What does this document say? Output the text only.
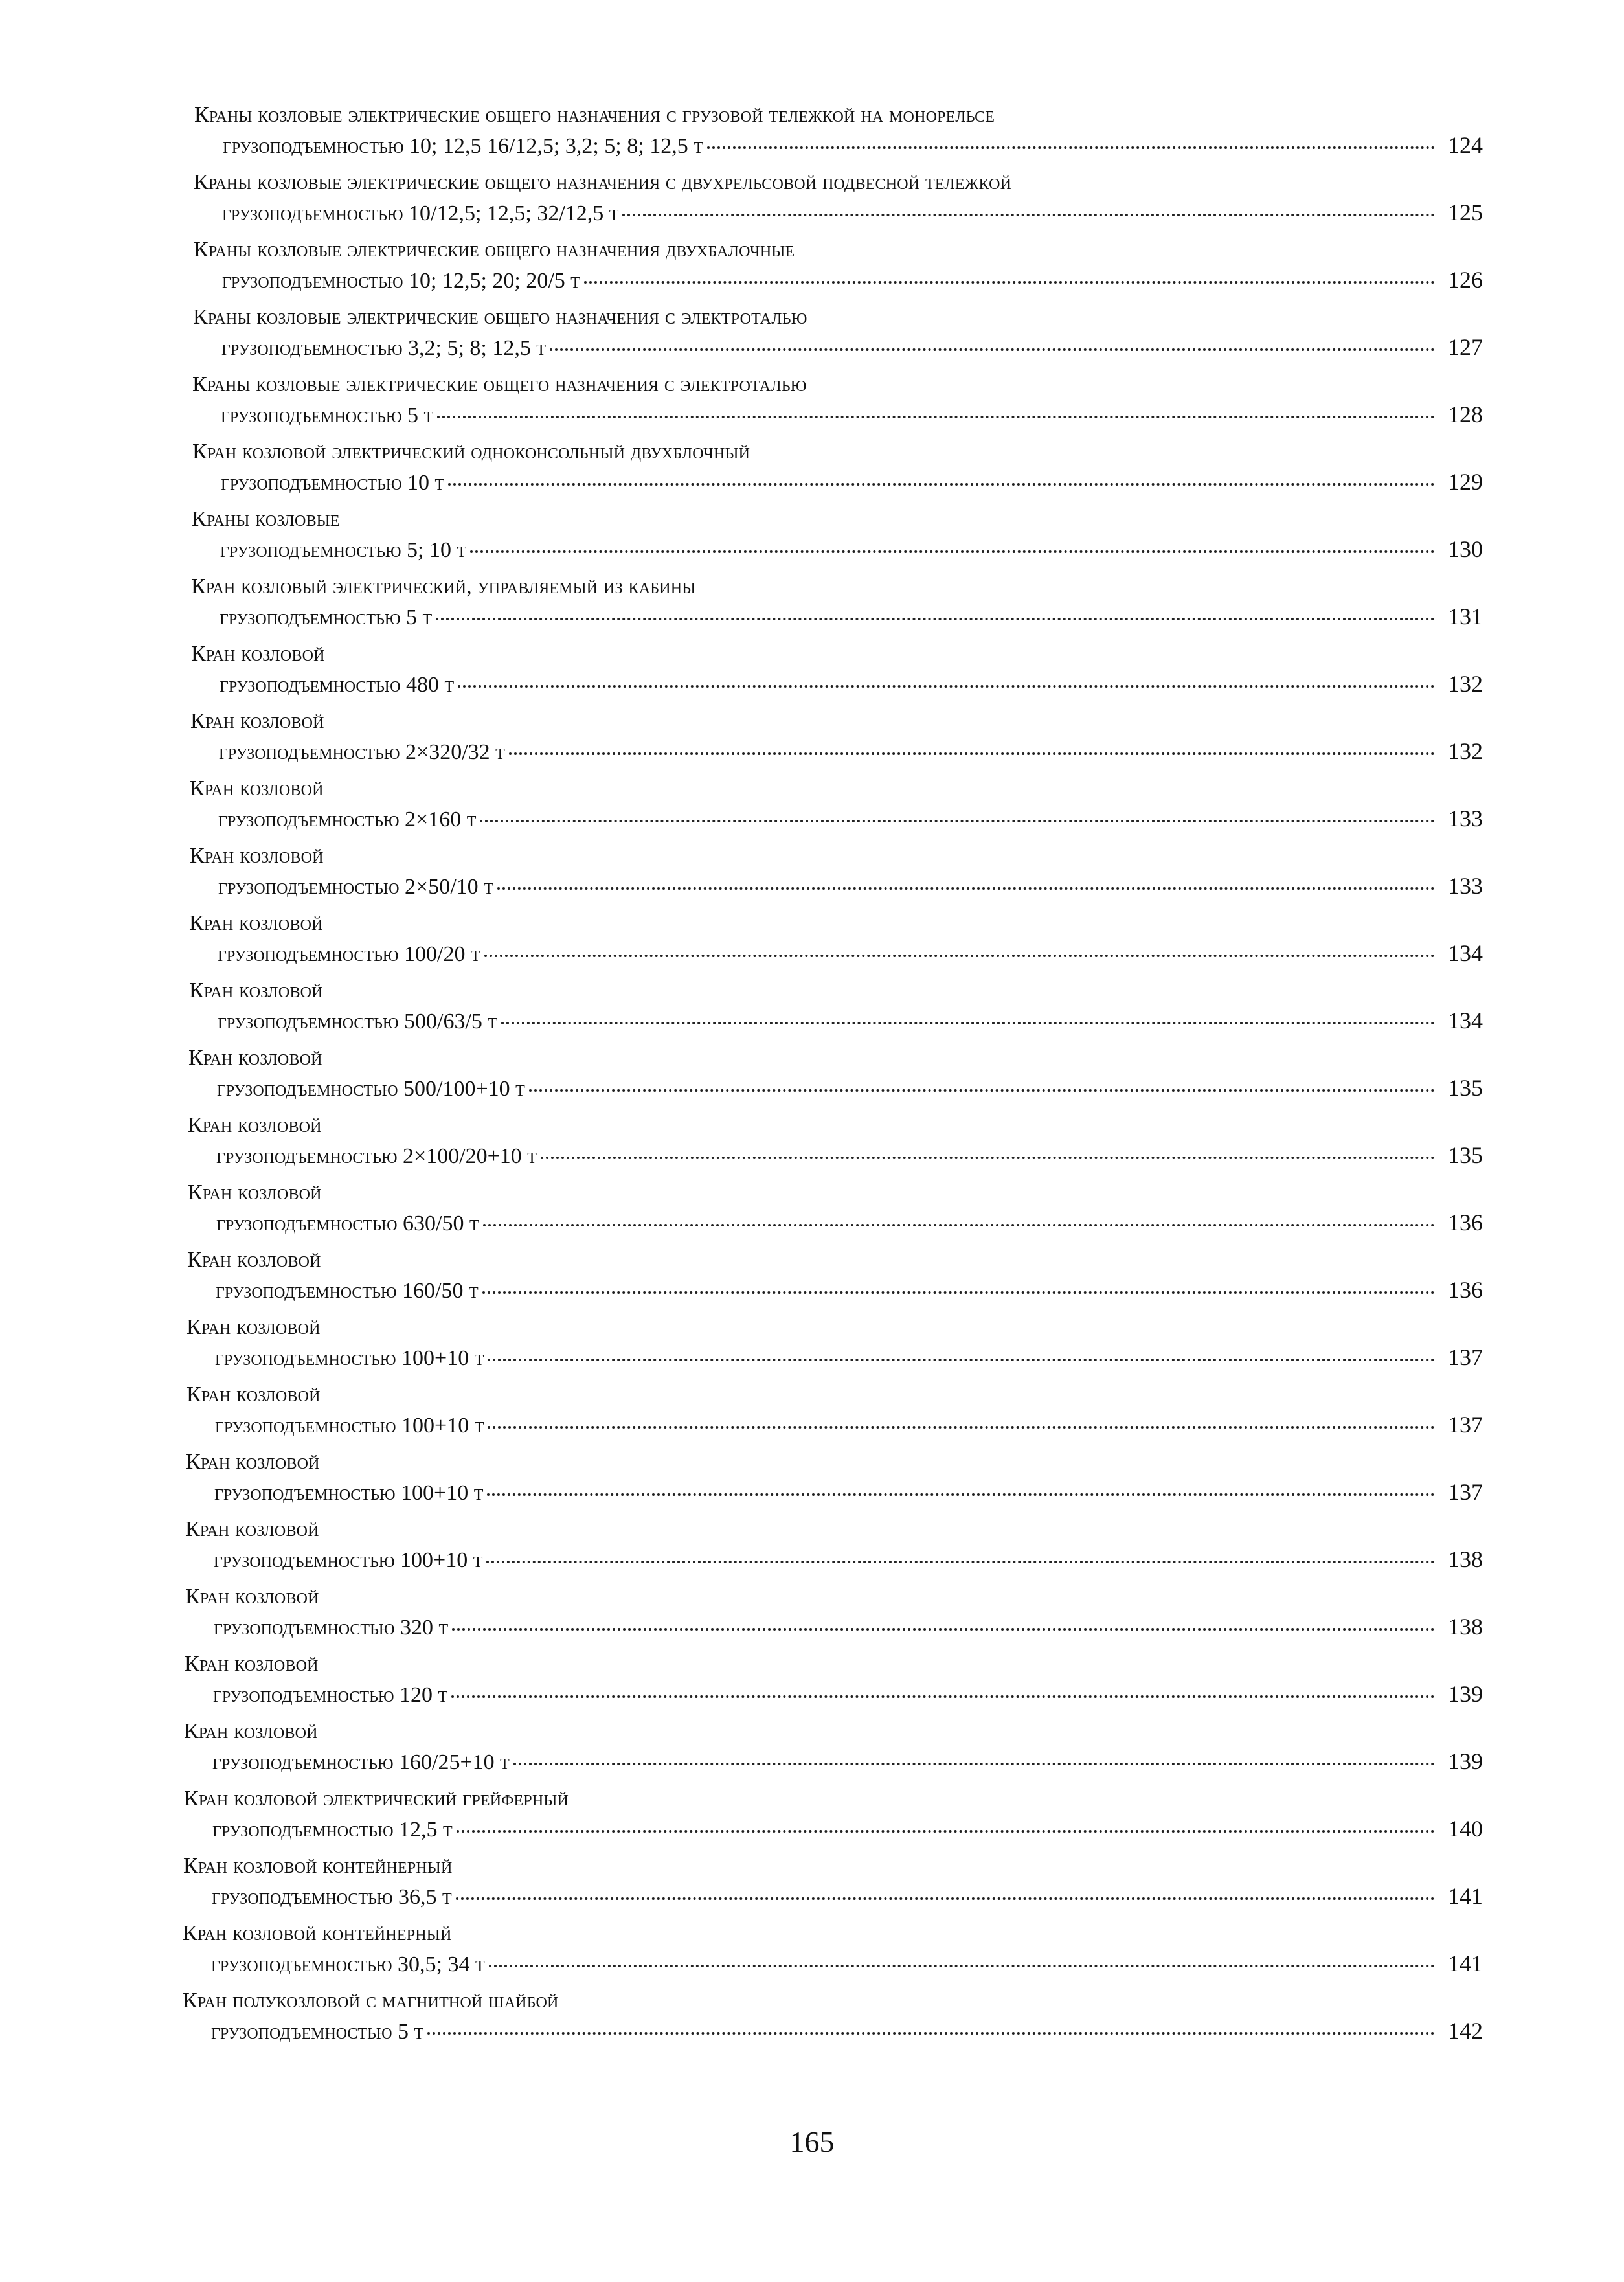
Краны козловые электрические общего назначения с грузовой тележкой на монорельсе
грузоподъемностью 10; 12,5 16/12,5; 3,2; 5; 8; 12,5 т	124
Краны козловые электрические общего назначения с двухрельсовой подвесной тележкой
грузоподъемностью 10/12,5; 12,5; 32/12,5 т	125
Краны козловые электрические общего назначения двухбалочные
грузоподъемностью 10; 12,5; 20; 20/5 т	126
Краны козловые электрические общего назначения с электроталью
грузоподъемностью 3,2; 5; 8; 12,5 т	127
Краны козловые электрические общего назначения с электроталью
грузоподъемностью 5 т	128
Кран козловой электрический одноконсольный двухблочный
грузоподъемностью 10 т	129
Краны козловые
грузоподъемностью 5; 10 т	130
Кран козловый электрический, управляемый из кабины
грузоподъемностью 5 т	131
Кран козловой
грузоподъемностью 480 т	132
Кран козловой
грузоподъемностью 2×320/32 т	132
Кран козловой
грузоподъемностью 2×160 т	133
Кран козловой
грузоподъемностью 2×50/10 т	133
Кран козловой
грузоподъемностью 100/20 т	134
Кран козловой
грузоподъемностью 500/63/5 т	134
Кран козловой
грузоподъемностью 500/100+10 т	135
Кран козловой
грузоподъемностью 2×100/20+10 т	135
Кран козловой
грузоподъемностью 630/50 т	136
Кран козловой
грузоподъемностью 160/50 т	136
Кран козловой
грузоподъемностью 100+10 т	137
Кран козловой
грузоподъемностью 100+10 т	137
Кран козловой
грузоподъемностью 100+10 т	137
Кран козловой
грузоподъемностью 100+10 т	138
Кран козловой
грузоподъемностью 320 т	138
Кран козловой
грузоподъемностью 120 т	139
Кран козловой
грузоподъемностью 160/25+10 т	139
Кран козловой электрический грейферный
грузоподъемностью 12,5 т	140
Кран козловой контейнерный
грузоподъемностью 36,5 т	141
Кран козловой контейнерный
грузоподъемностью 30,5; 34 т	141
Кран полукозловой с магнитной шайбой
грузоподъемностью 5 т	142
165
